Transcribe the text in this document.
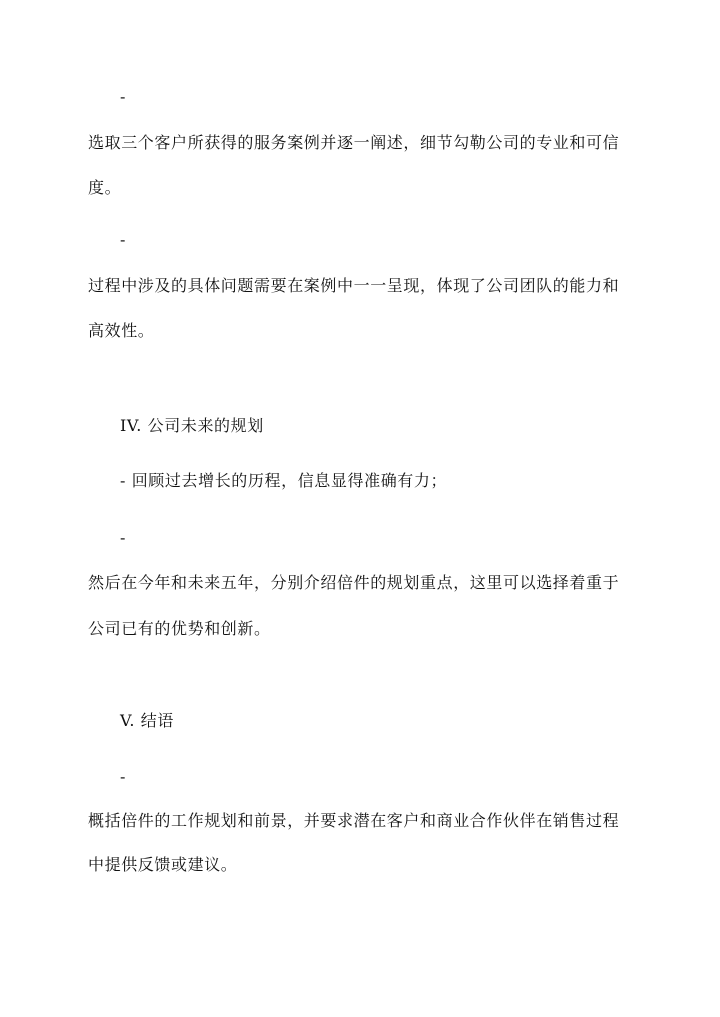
-
选取三个客户所获得的服务案例并逐一阐述，细节勾勒公司的专业和可信
度。
-
过程中涉及的具体问题需要在案例中一一呈现，体现了公司团队的能力和
高效性。
IV. 公司未来的规划
- 回顾过去增长的历程，信息显得准确有力；
-
然后在今年和未来五年，分别介绍倍件的规划重点，这里可以选择着重于
公司已有的优势和创新。
V. 结语
-
概括倍件的工作规划和前景，并要求潜在客户和商业合作伙伴在销售过程
中提供反馈或建议。
